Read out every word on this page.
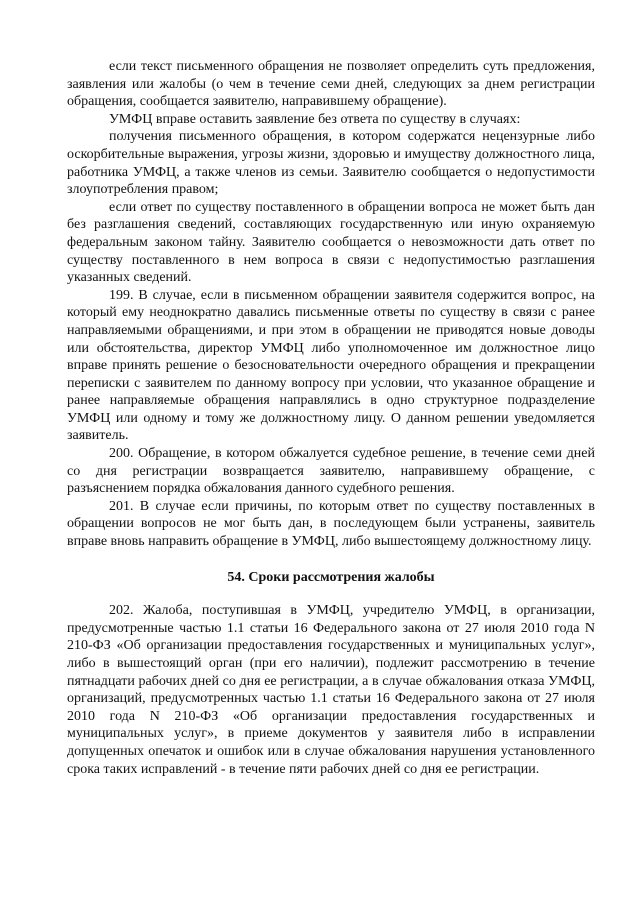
если текст письменного обращения не позволяет определить суть предложения, заявления или жалобы (о чем в течение семи дней, следующих за днем регистрации обращения, сообщается заявителю, направившему обращение).

УМФЦ вправе оставить заявление без ответа по существу в случаях:

получения письменного обращения, в котором содержатся нецензурные либо оскорбительные выражения, угрозы жизни, здоровью и имуществу должностного лица, работника УМФЦ, а также членов из семьи. Заявителю сообщается о недопустимости злоупотребления правом;

если ответ по существу поставленного в обращении вопроса не может быть дан без разглашения сведений, составляющих государственную или иную охраняемую федеральным законом тайну. Заявителю сообщается о невозможности дать ответ по существу поставленного в нем вопроса в связи с недопустимостью разглашения указанных сведений.

199. В случае, если в письменном обращении заявителя содержится вопрос, на который ему неоднократно давались письменные ответы по существу в связи с ранее направляемыми обращениями, и при этом в обращении не приводятся новые доводы или обстоятельства, директор УМФЦ либо уполномоченное им должностное лицо вправе принять решение о безосновательности очередного обращения и прекращении переписки с заявителем по данному вопросу при условии, что указанное обращение и ранее направляемые обращения направлялись в одно структурное подразделение УМФЦ или одному и тому же должностному лицу. О данном решении уведомляется заявитель.

200. Обращение, в котором обжалуется судебное решение, в течение семи дней со дня регистрации возвращается заявителю, направившему обращение, с разъяснением порядка обжалования данного судебного решения.

201. В случае если причины, по которым ответ по существу поставленных в обращении вопросов не мог быть дан, в последующем были устранены, заявитель вправе вновь направить обращение в УМФЦ, либо вышестоящему должностному лицу.

54. Сроки рассмотрения жалобы

202. Жалоба, поступившая в УМФЦ, учредителю УМФЦ, в организации, предусмотренные частью 1.1 статьи 16 Федерального закона от 27 июля 2010 года N 210-ФЗ «Об организации предоставления государственных и муниципальных услуг», либо в вышестоящий орган (при его наличии), подлежит рассмотрению в течение пятнадцати рабочих дней со дня ее регистрации, а в случае обжалования отказа УМФЦ, организаций, предусмотренных частью 1.1 статьи 16 Федерального закона от 27 июля 2010 года N 210-ФЗ «Об организации предоставления государственных и муниципальных услуг», в приеме документов у заявителя либо в исправлении допущенных опечаток и ошибок или в случае обжалования нарушения установленного срока таких исправлений - в течение пяти рабочих дней со дня ее регистрации.
